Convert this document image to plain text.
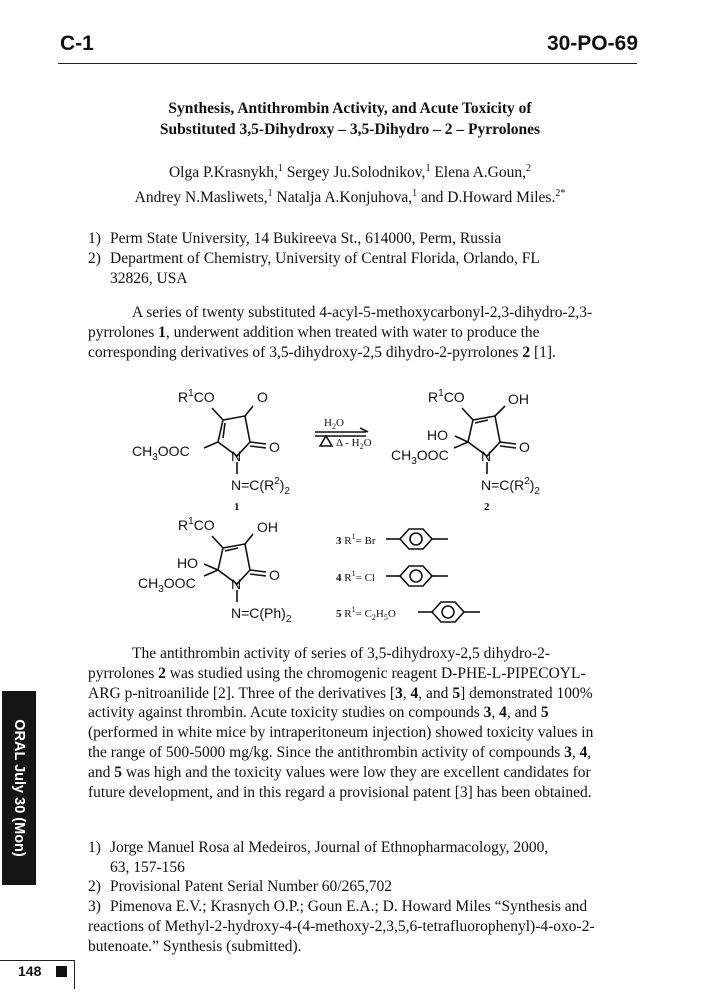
C-1	30-PO-69
Synthesis, Antithrombin Activity, and Acute Toxicity of
Substituted 3,5-Dihydroxy – 3,5-Dihydro – 2 – Pyrrolones
Olga P.Krasnykh,$^1$ Sergey Ju.Solodnikov,$^1$ Elena A.Goun,$^2$
Andrey N.Masliwets,$^1$ Natalja A.Konjuhova,$^1$ and D.Howard Miles.$^{2*}$
1) Perm State University, 14 Bukireeva St., 614000, Perm, Russia
2) Department of Chemistry, University of Central Florida, Orlando, FL
32826, USA
A series of twenty substituted 4-acyl-5-methoxycarbonyl-2,3-dihydro-2,3-pyrrolones 1, underwent addition when treated with water to produce the corresponding derivatives of 3,5-dihydroxy-2,5 dihydro-2-pyrrolones 2 [1].
$R^1CO$	O
O
$CH_3OOC$	N
$N=C(R^2)_2$
1
$H_2O$
Δ - $H_2O$
$R^1CO$	OH
HO
O
$CH_3OOC$ N
$N=C(R^2)_2$
2
$R^1CO$	OH
HO
O
$CH_3OOC$	N
$N=C(Ph)_2$
3 $R^1= Br$
4 $R^1= Cl$
5 $R^1= C_2H_5O$
The antithrombin activity of series of 3,5-dihydroxy-2,5 dihydro-2-pyrrolones 2 was studied using the chromogenic reagent D-PHE-L-PIPECOYL-ARG p-nitroanilide [2]. Three of the derivatives [3, 4, and 5] demonstrated 100% activity against thrombin. Acute toxicity studies on compounds 3, 4, and 5 (performed in white mice by intraperitoneum injection) showed toxicity values in the range of 500-5000 mg/kg. Since the antithrombin activity of compounds 3, 4, and 5 was high and the toxicity values were low they are excellent candidates for future development, and in this regard a provisional patent [3] has been obtained.
1) Jorge Manuel Rosa al Medeiros, Journal of Ethnopharmacology, 2000,
63, 157-156
2) Provisional Patent Serial Number 60/265,702
3) Pimenova E.V.; Krasnych O.P.; Goun E.A.; D. Howard Miles “Synthesis and reactions of Methyl-2-hydroxy-4-(4-methoxy-2,3,5,6-tetrafluorophenyl)-4-oxo-2-butenoate.” Synthesis (submitted).
ORAL July 30 (Mon)
148
